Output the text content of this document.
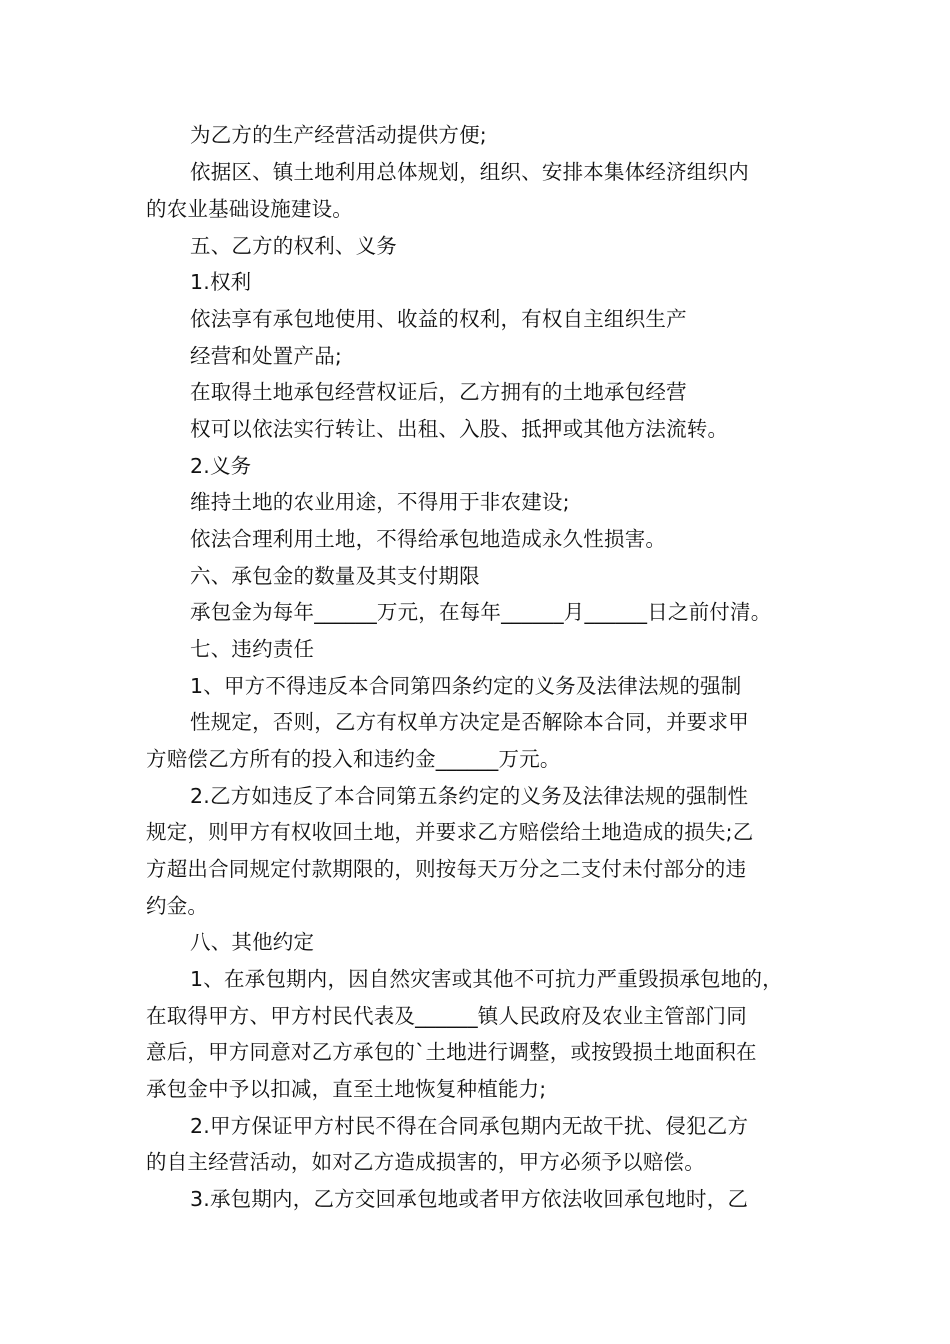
为乙方的生产经营活动提供方便;
依据区、镇土地利用总体规划，组织、安排本集体经济组织内
的农业基础设施建设。
五、乙方的权利、义务
1.权利
依法享有承包地使用、收益的权利，有权自主组织生产
经营和处置产品;
在取得土地承包经营权证后，乙方拥有的土地承包经营
权可以依法实行转让、出租、入股、抵押或其他方法流转。
2.义务
维持土地的农业用途，不得用于非农建设;
依法合理利用土地，不得给承包地造成永久性损害。
六、承包金的数量及其支付期限
承包金为每年______万元，在每年______月______日之前付清。
七、违约责任
1、甲方不得违反本合同第四条约定的义务及法律法规的强制
性规定，否则，乙方有权单方决定是否解除本合同，并要求甲
方赔偿乙方所有的投入和违约金______万元。
2.乙方如违反了本合同第五条约定的义务及法律法规的强制性
规定，则甲方有权收回土地，并要求乙方赔偿给土地造成的损失;乙
方超出合同规定付款期限的，则按每天万分之二支付未付部分的违
约金。
八、其他约定
1、在承包期内，因自然灾害或其他不可抗力严重毁损承包地的，
在取得甲方、甲方村民代表及______镇人民政府及农业主管部门同
意后，甲方同意对乙方承包的`土地进行调整，或按毁损土地面积在
承包金中予以扣减，直至土地恢复种植能力;
2.甲方保证甲方村民不得在合同承包期内无故干扰、侵犯乙方
的自主经营活动，如对乙方造成损害的，甲方必须予以赔偿。
3.承包期内，乙方交回承包地或者甲方依法收回承包地时，乙
